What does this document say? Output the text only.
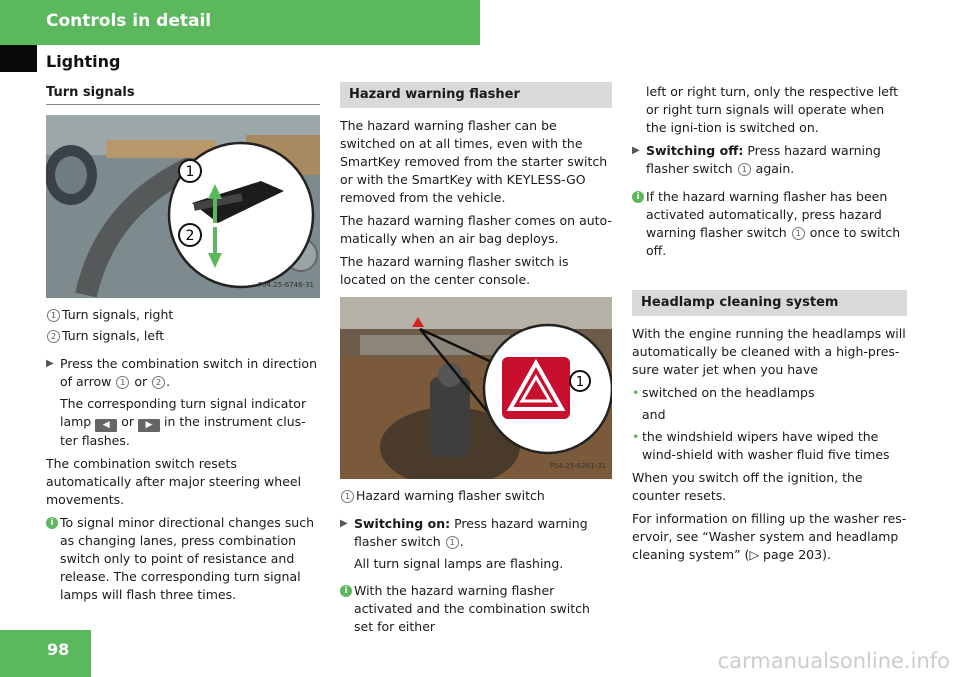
Controls in detail
Lighting
Turn signals
1
2
P54.25-6746-31
1 Turn signals, right
2 Turn signals, left
▶ Press the combination switch in direction of arrow 1 or 2 .

The corresponding turn signal indicator lamp ◀ or ▶ in the instrument clus-ter flashes.

The combination switch resets automatically after major steering wheel movements.

i To signal minor directional changes such as changing lanes, press combination switch only to point of resistance and release. The corresponding turn signal lamps will flash three times.
Hazard warning flasher

The hazard warning flasher can be switched on at all times, even with the SmartKey removed from the starter switch or with the SmartKey with KEYLESS-GO removed from the vehicle.

The hazard warning flasher comes on auto-matically when an air bag deploys.

The hazard warning flasher switch is located on the center console.

1
P54.25-6281-31
1 Hazard warning flasher switch
▶ Switching on: Press hazard warning flasher switch 1 .

All turn signal lamps are flashing.

i With the hazard warning flasher activated and the combination switch set for either

left or right turn, only the respective left or right turn signals will operate when the igni-tion is switched on.

▶ Switching off: Press hazard warning flasher switch 1 again.
i If the hazard warning flasher has been activated automatically, press hazard warning flasher switch 1 once to switch off.
Headlamp cleaning system

With the engine running the headlamps will automatically be cleaned with a high-pres-sure water jet when you have

• switched on the headlamps

and

• the windshield wipers have wiped the wind-shield with washer fluid five times

When you switch off the ignition, the counter resets.

For information on filling up the washer res-ervoir, see “Washer system and headlamp cleaning system” (▷ page 203).

98	carmanualsonline.info
